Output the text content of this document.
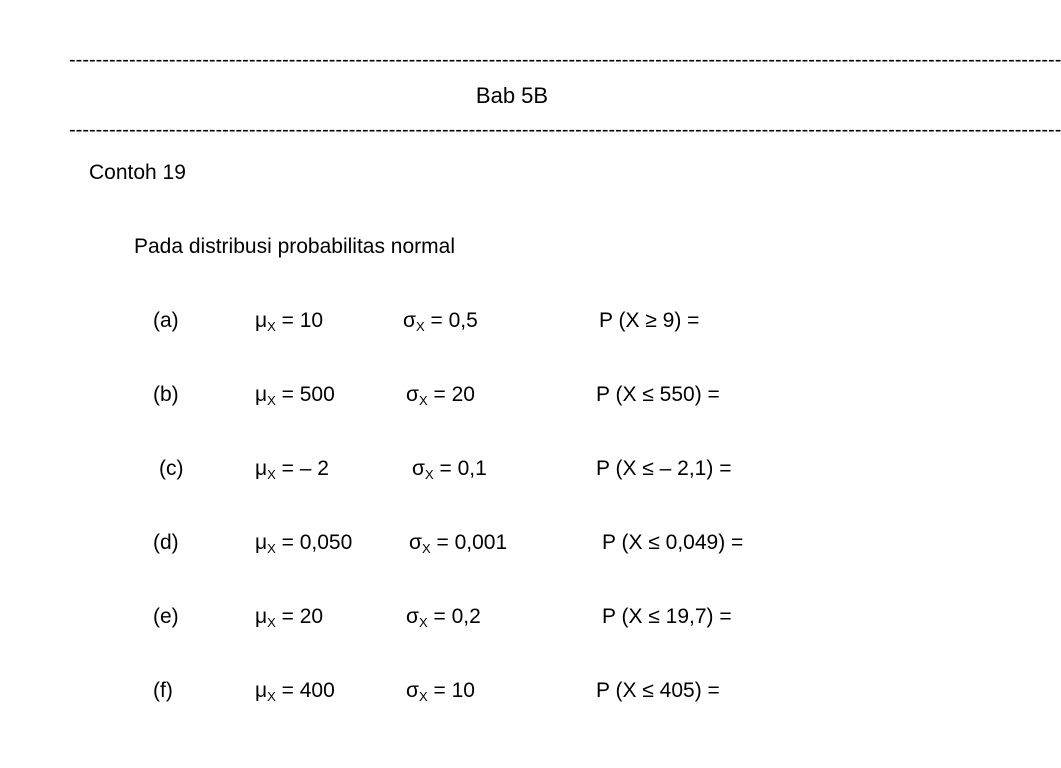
-----------------------------------------------------------------------------------------------------------------------------------------------------
Bab 5B
-----------------------------------------------------------------------------------------------------------------------------------------------------
Contoh 19
Pada distribusi probabilitas normal
(a)	$\mu_X = 10$	$\sigma_X = 0,5$	P (X ≥ 9) =
(b)	$\mu_X = 500$	$\sigma_X = 20$	P (X ≤ 550) =
(c)	$\mu_X$ = – 2	$\sigma_X = 0,1$	P (X ≤ – 2,1) =
(d)	$\mu_X = 0,050$	$\sigma_X = 0,001$	P (X ≤ 0,049) =
(e)	$\mu_X = 20$	$\sigma_X = 0,2$	P (X ≤ 19,7) =
(f)	$\mu_X = 400$	$\sigma_X = 10$	P (X ≤ 405) =
